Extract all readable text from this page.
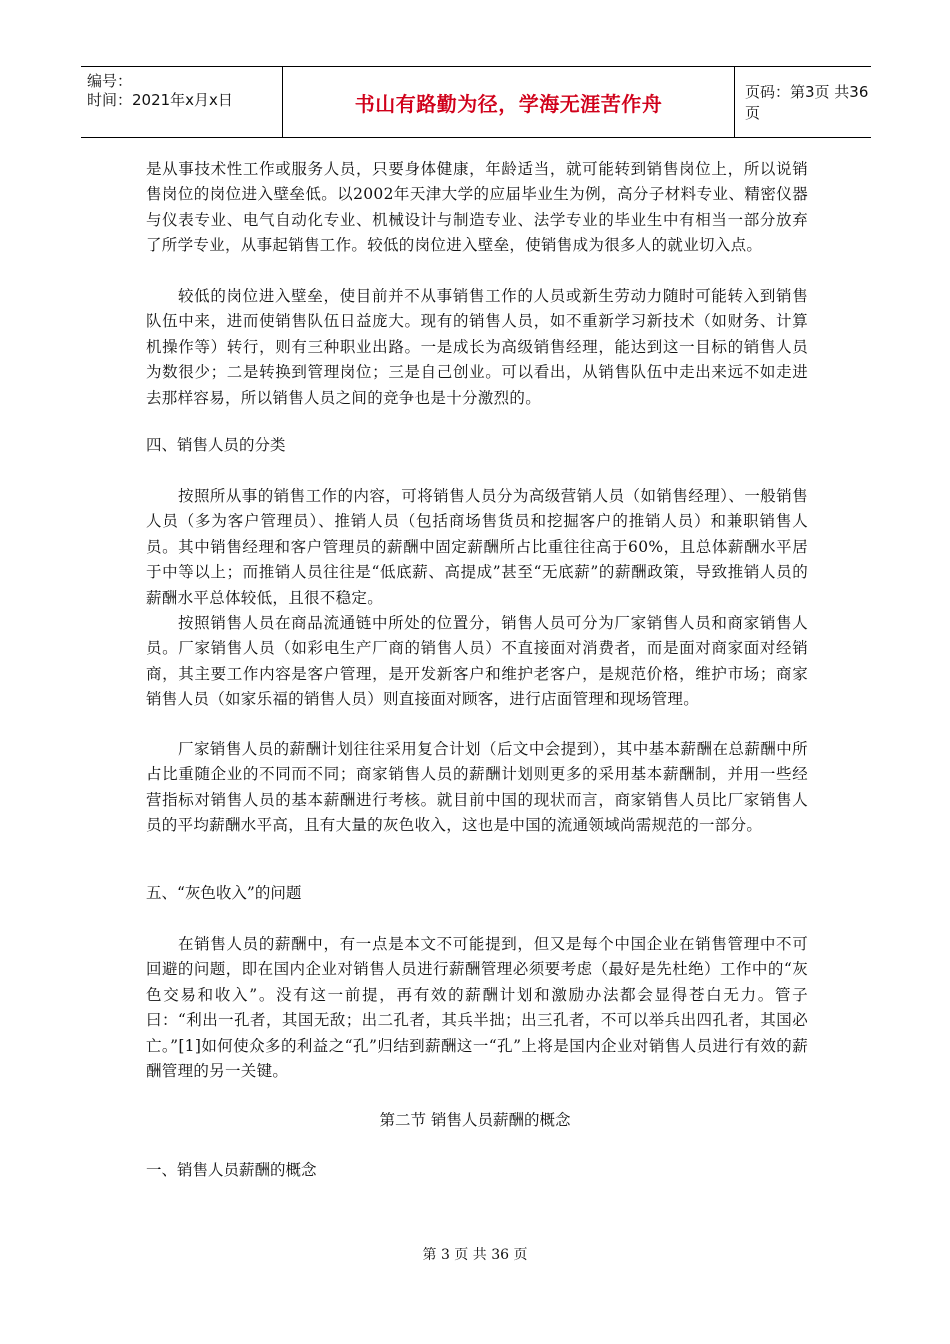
编号：
时间：2021年x月x日	书山有路勤为径，学海无涯苦作舟	页码：第3页 共36页

是从事技术性工作或服务人员，只要身体健康，年龄适当，就可能转到销售岗位上，所以说销售岗位的岗位进入壁垒低。以2002年天津大学的应届毕业生为例，高分子材料专业、精密仪器与仪表专业、电气自动化专业、机械设计与制造专业、法学专业的毕业生中有相当一部分放弃了所学专业，从事起销售工作。较低的岗位进入壁垒，使销售成为很多人的就业切入点。

较低的岗位进入壁垒，使目前并不从事销售工作的人员或新生劳动力随时可能转入到销售队伍中来，进而使销售队伍日益庞大。现有的销售人员，如不重新学习新技术（如财务、计算机操作等）转行，则有三种职业出路。一是成长为高级销售经理，能达到这一目标的销售人员为数很少；二是转换到管理岗位；三是自己创业。可以看出，从销售队伍中走出来远不如走进去那样容易，所以销售人员之间的竞争也是十分激烈的。

四、销售人员的分类

按照所从事的销售工作的内容，可将销售人员分为高级营销人员（如销售经理）、一般销售人员（多为客户管理员）、推销人员（包括商场售货员和挖掘客户的推销人员）和兼职销售人员。其中销售经理和客户管理员的薪酬中固定薪酬所占比重往往高于60%，且总体薪酬水平居于中等以上；而推销人员往往是“低底薪、高提成”甚至“无底薪”的薪酬政策，导致推销人员的薪酬水平总体较低，且很不稳定。

按照销售人员在商品流通链中所处的位置分，销售人员可分为厂家销售人员和商家销售人员。厂家销售人员（如彩电生产厂商的销售人员）不直接面对消费者，而是面对商家面对经销商，其主要工作内容是客户管理，是开发新客户和维护老客户，是规范价格，维护市场；商家销售人员（如家乐福的销售人员）则直接面对顾客，进行店面管理和现场管理。

厂家销售人员的薪酬计划往往采用复合计划（后文中会提到），其中基本薪酬在总薪酬中所占比重随企业的不同而不同；商家销售人员的薪酬计划则更多的采用基本薪酬制，并用一些经营指标对销售人员的基本薪酬进行考核。就目前中国的现状而言，商家销售人员比厂家销售人员的平均薪酬水平高，且有大量的灰色收入，这也是中国的流通领域尚需规范的一部分。

五、“灰色收入”的问题

在销售人员的薪酬中，有一点是本文不可能提到，但又是每个中国企业在销售管理中不可回避的问题，即在国内企业对销售人员进行薪酬管理必须要考虑（最好是先杜绝）工作中的“灰色交易和收入”。没有这一前提，再有效的薪酬计划和激励办法都会显得苍白无力。管子曰：“利出一孔者，其国无敌；出二孔者，其兵半拙；出三孔者，不可以举兵出四孔者，其国必亡。”[1]如何使众多的利益之“孔”归结到薪酬这一“孔”上将是国内企业对销售人员进行有效的薪酬管理的另一关键。

第二节 销售人员薪酬的概念

一、销售人员薪酬的概念

第 3 页 共 36 页
